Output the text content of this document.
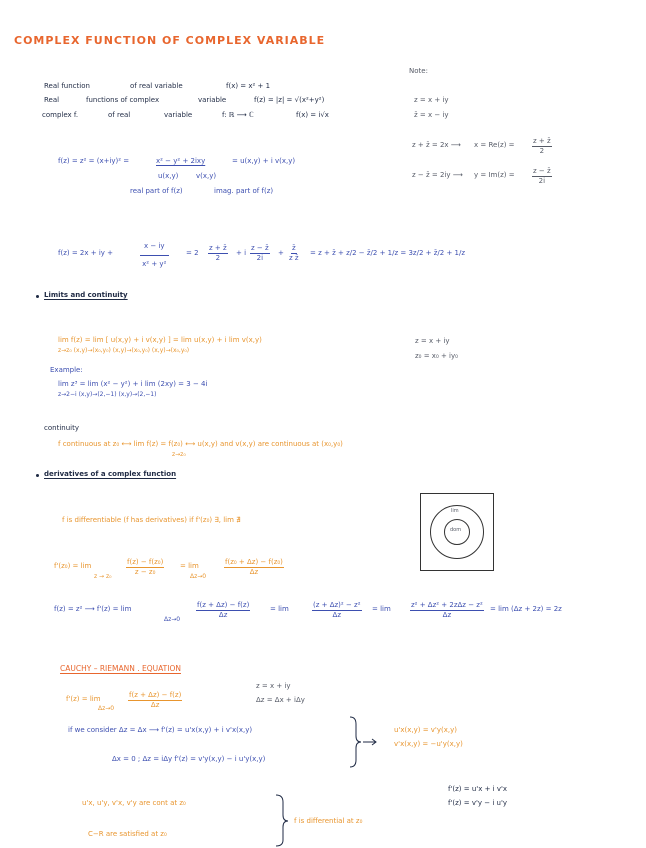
COMPLEX FUNCTION OF COMPLEX VARIABLE
Real function	of real variable	f(x) = x² + 1
Real	functions of complex	variable	f(z) = |z| = √(x²+y²)
complex f.	of real	variable	f: ℝ ⟶ ℂ	f(x) = i√x
Note:
z = x + iy
z̄ = x − iy
z + z̄ = 2x ⟶ $x = Re(z) = \frac{z + z̄}{2}$
z − z̄ = 2iy ⟶ $y = Im(z) = \frac{z - z̄}{2i}$
f(z) = z² = (x+iy)² =	x² − y² + 2ixy	= u(x,y) + i v(x,y)
u(x,y)	v(x,y)
real part of f(z)	imag. part of f(z)
f(z) = 2x + iy +	$\frac{x - iy}{\text{x² + y²}} = 2 \frac{z + z̄}{2} + i \frac{z - z̄}{2i} + \frac{z̄}{\text{z z̄}} = z$ + z̄ + z/2 − z̄/2 + 1/z = 3z/2 + z̄/2 + 1/z
Limits and continuity
lim f(z) = lim [ u(x,y) + i v(x,y) ] = lim u(x,y) + i lim v(x,y)
z→z₀ (x,y)→(x₀,y₀) (x,y)→(x₀,y₀) (x,y)→(x₀,y₀)
z = x + iy
z₀ = x₀ + iy₀
Example:
lim z³ = lim (x² − y²) + i lim (2xy) = 3 − 4i
z→2−i (x,y)→(2,−1) (x,y)→(2,−1)
continuity
f continuous at z₀ ⟷ lim f(z) = f(z₀) ⟷ u(x,y) and v(x,y) are continuous at (x₀,y₀)
z→z₀
derivatives of a complex function
f is differentiable (f has derivatives) if f'(z₀) ∃, lim ∄
lim
dom
f'(z₀) = lim
$z \to z_0 \frac{\text{f(z) − f(z₀)}}{\text{z − z₀}} = \lim$
Δz→0	$\frac{\text{f(z₀ + Δz) − f(z₀)}}{\Delta z}$
f(z) = z² ⟶ f'(z) = lim
$\Delta z\to 0 \frac{f(z + \Delta z) - f(z)}{\Delta z}$	= lim	$\frac{\text{(z + Δz)² − z²}}{\Delta z} = \lim$	z² + Δz² + 2zΔz − z²
Δz
= lim (Δz + 2z) = 2z
CAUCHY – RIEMANN . EQUATION
f'(z) = lim
$\Delta z\to 0 \frac{f(z + \Delta z) - f(z)}{\Delta z}$
z = x + iy
Δz = Δx + iΔy
if we consider Δz = Δx ⟶ f'(z) = u'x(x,y) + i v'x(x,y)
Δx = 0 ; Δz = iΔy f'(z) = v'y(x,y) − i u'y(x,y)
u'x(x,y) = v'y(x,y)
v'x(x,y) = −u'y(x,y)
f'(z) = u'x + i v'x
f'(z) = v'y − i u'y
u'x, u'y, v'x, v'y are cont at z₀
C−R are satisfied at z₀
f is differential at z₀
